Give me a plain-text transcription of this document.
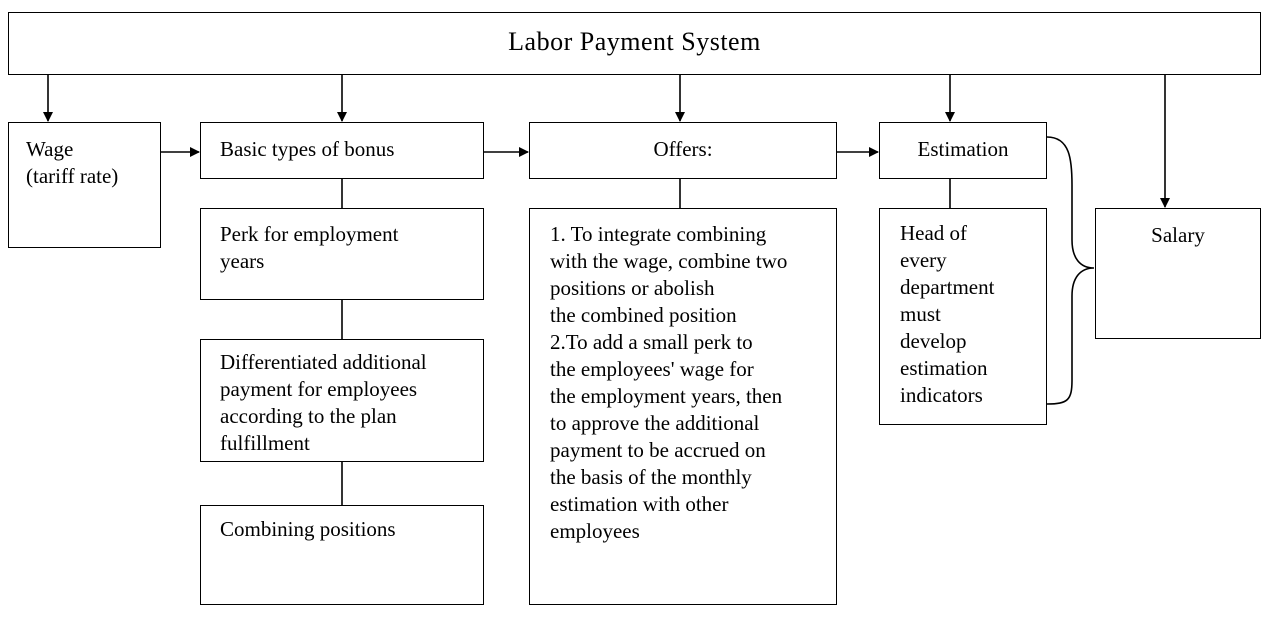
Labor Payment System
Wage
(tariff rate)
Basic types of bonus
Perk for employment
years
Differentiated additional
payment for employees
according to the plan
fulfillment
Combining positions
Offers:
1. To integrate combining
with the wage, combine two
positions or abolish
the combined position
2.To add a small perk to
the employees' wage for
the employment years, then
to approve the additional
payment to be accrued on
the basis of the monthly
estimation with other
employees
Estimation
Head of
every
department
must
develop
estimation
indicators
Salary
